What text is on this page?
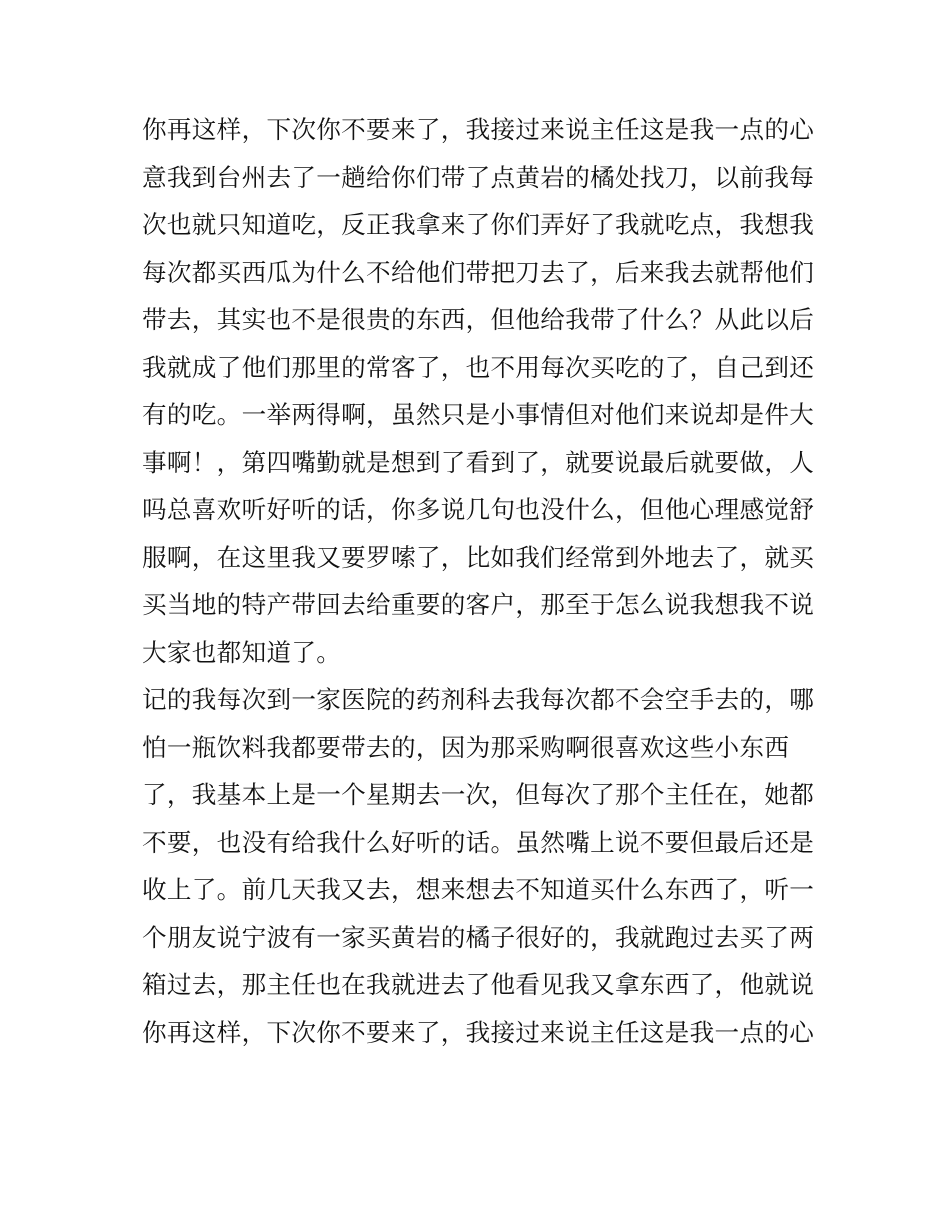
你再这样，下次你不要来了，我接过来说主任这是我一点的心
意我到台州去了一趟给你们带了点黄岩的橘处找刀，以前我每
次也就只知道吃，反正我拿来了你们弄好了我就吃点，我想我
每次都买西瓜为什么不给他们带把刀去了，后来我去就帮他们
带去，其实也不是很贵的东西，但他给我带了什么？从此以后
我就成了他们那里的常客了，也不用每次买吃的了，自己到还
有的吃。一举两得啊，虽然只是小事情但对他们来说却是件大
事啊！，第四嘴勤就是想到了看到了，就要说最后就要做，人
吗总喜欢听好听的话，你多说几句也没什么，但他心理感觉舒
服啊，在这里我又要罗嗦了，比如我们经常到外地去了，就买
买当地的特产带回去给重要的客户，那至于怎么说我想我不说
大家也都知道了。
记的我每次到一家医院的药剂科去我每次都不会空手去的，哪
怕一瓶饮料我都要带去的，因为那采购啊很喜欢这些小东西
了，我基本上是一个星期去一次，但每次了那个主任在，她都
不要，也没有给我什么好听的话。虽然嘴上说不要但最后还是
收上了。前几天我又去，想来想去不知道买什么东西了，听一
个朋友说宁波有一家买黄岩的橘子很好的，我就跑过去买了两
箱过去，那主任也在我就进去了他看见我又拿东西了，他就说
你再这样，下次你不要来了，我接过来说主任这是我一点的心
